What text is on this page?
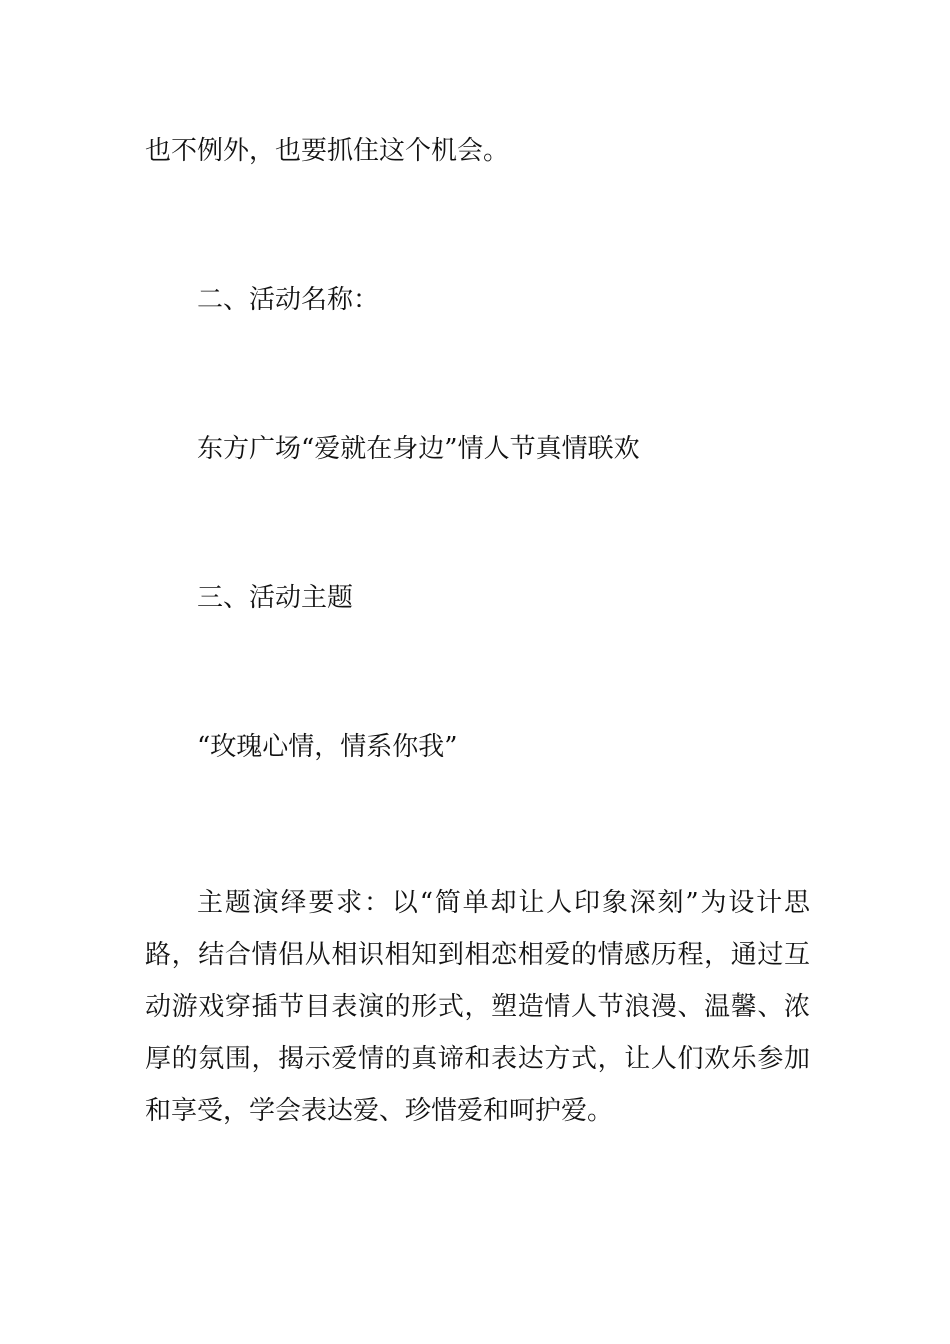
也不例外，也要抓住这个机会。
二、活动名称：
东方广场“爱就在身边”情人节真情联欢
三、活动主题
“玫瑰心情，情系你我”
主题演绎要求：以“简单却让人印象深刻”为设计思路，结合情侣从相识相知到相恋相爱的情感历程，通过互动游戏穿插节目表演的形式，塑造情人节浪漫、温馨、浓厚的氛围，揭示爱情的真谛和表达方式，让人们欢乐参加和享受，学会表达爱、珍惜爱和呵护爱。
